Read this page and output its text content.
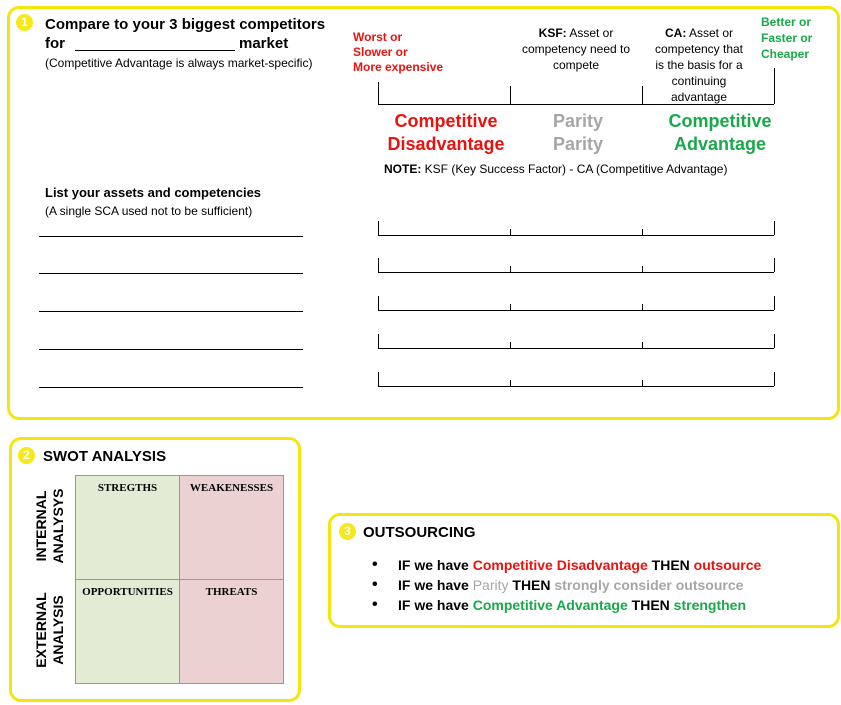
1	Compare to your 3 biggest competitors
for	market
(Competitive Advantage is always market-specific)
Worst or
Slower or
More expensive
KSF: Asset or
competency need to
compete
CA: Asset or
competency that
is the basis for a
continuing
advantage
Better or
Faster or
Cheaper
Competitive
Disadvantage
Parity
Parity
Competitive
Advantage
NOTE: KSF (Key Success Factor) - CA (Competitive Advantage)
List your assets and competencies
(A single SCA used not to be sufficient)
2 SWOT ANALYSIS
INTERNAL ANALYSYS
EXTERNAL ANALYSIS
STREGTHS	WEAKENESSES
OPPORTUNITIES	THREATS
3 OUTSOURCING
• IF we have Competitive Disadvantage THEN outsource
• IF we have Parity THEN strongly consider outsource
• IF we have Competitive Advantage THEN strengthen
